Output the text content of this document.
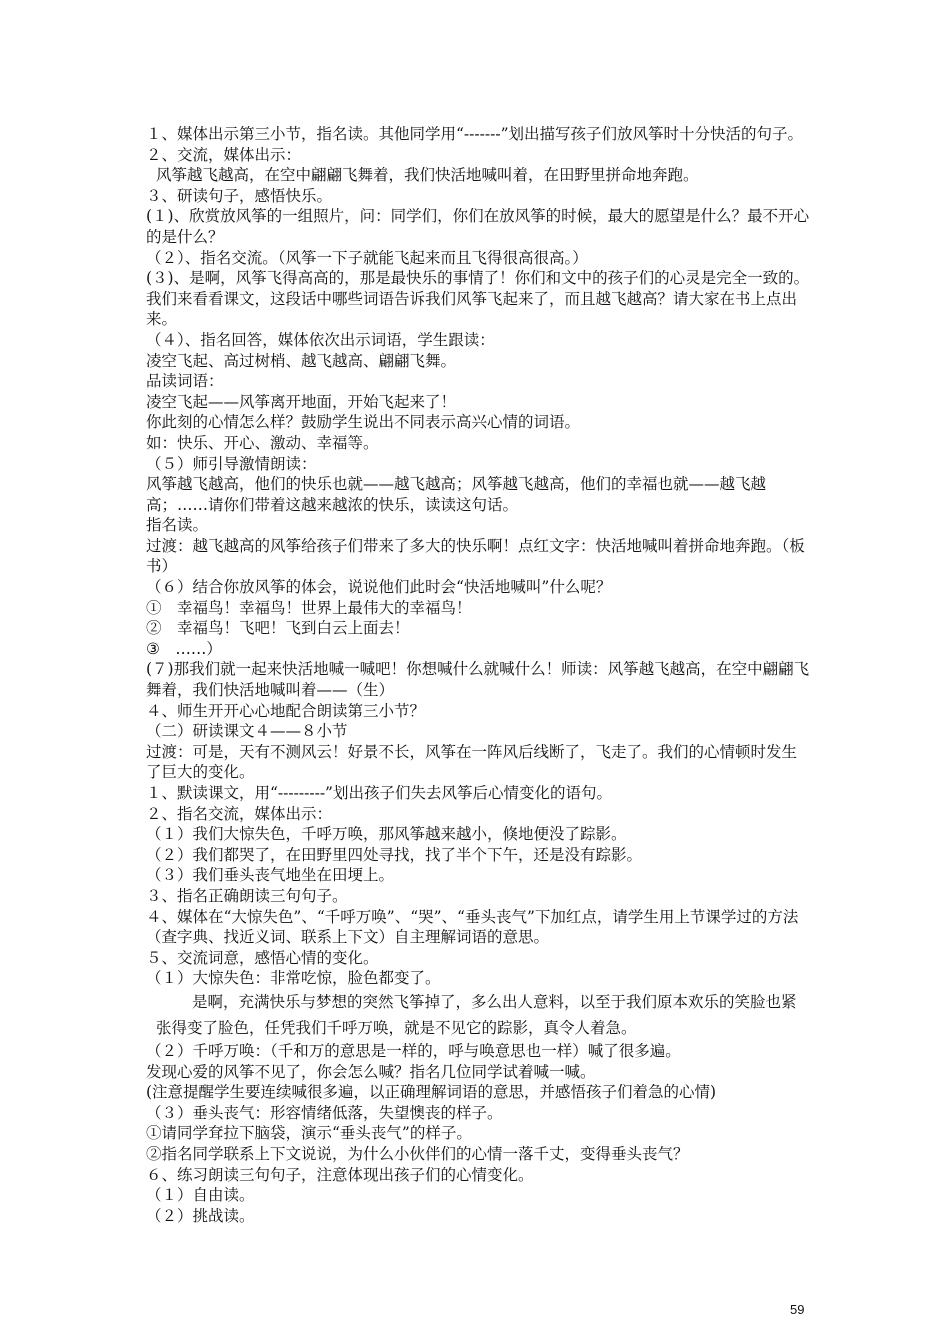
１、媒体出示第三小节，指名读。其他同学用“-------”划出描写孩子们放风筝时十分快活的句子。

２、交流，媒体出示：

风筝越飞越高，在空中翩翩飞舞着，我们快活地喊叫着，在田野里拼命地奔跑。

３、研读句子，感悟快乐。

(１)、欣赏放风筝的一组照片，问：同学们，你们在放风筝的时候，最大的愿望是什么？最不开心的是什么？

（２）、指名交流。（风筝一下子就能飞起来而且飞得很高很高。）

(３)、是啊，风筝飞得高高的，那是最快乐的事情了！你们和文中的孩子们的心灵是完全一致的。我们来看看课文，这段话中哪些词语告诉我们风筝飞起来了，而且越飞越高？请大家在书上点出来。

（４）、指名回答，媒体依次出示词语，学生跟读：

凌空飞起、高过树梢、越飞越高、翩翩飞舞。

品读词语：

凌空飞起——风筝离开地面，开始飞起来了！

你此刻的心情怎么样？鼓励学生说出不同表示高兴心情的词语。

如：快乐、开心、激动、幸福等。

（５）师引导激情朗读：

风筝越飞越高，他们的快乐也就——越飞越高；风筝越飞越高，他们的幸福也就——越飞越高；……请你们带着这越来越浓的快乐，读读这句话。

指名读。

过渡：越飞越高的风筝给孩子们带来了多大的快乐啊！点红文字：快活地喊叫着拼命地奔跑。（板书）

（６）结合你放风筝的体会，说说他们此时会“快活地喊叫”什么呢？

①　幸福鸟！幸福鸟！世界上最伟大的幸福鸟！

②　幸福鸟！飞吧！飞到白云上面去！

③　……）

(７)那我们就一起来快活地喊一喊吧！你想喊什么就喊什么！师读：风筝越飞越高，在空中翩翩飞舞着，我们快活地喊叫着——（生）

４、师生开开心心地配合朗读第三小节？

（二）研读课文４——８小节

过渡：可是，天有不测风云！好景不长，风筝在一阵风后线断了，飞走了。我们的心情顿时发生了巨大的变化。

１、默读课文，用“---------”划出孩子们失去风筝后心情变化的语句。

２、指名交流，媒体出示：

（１）我们大惊失色，千呼万唤，那风筝越来越小，倏地便没了踪影。

（２）我们都哭了，在田野里四处寻找，找了半个下午，还是没有踪影。

（３）我们垂头丧气地坐在田埂上。

３、指名正确朗读三句句子。

４、媒体在“大惊失色”、“千呼万唤”、“哭”、“垂头丧气”下加红点，请学生用上节课学过的方法（查字典、找近义词、联系上下文）自主理解词语的意思。

５、交流词意，感悟心情的变化。

（１）大惊失色：非常吃惊，脸色都变了。

是啊，充满快乐与梦想的突然飞筝掉了，多么出人意料，以至于我们原本欢乐的笑脸也紧张得变了脸色，任凭我们千呼万唤，就是不见它的踪影，真令人着急。

（２）千呼万唤：（千和万的意思是一样的，呼与唤意思也一样）喊了很多遍。

发现心爱的风筝不见了，你会怎么喊？指名几位同学试着喊一喊。

(注意提醒学生要连续喊很多遍，以正确理解词语的意思，并感悟孩子们着急的心情)

（３）垂头丧气：形容情绪低落，失望懊丧的样子。

①请同学耷拉下脑袋，演示“垂头丧气”的样子。

②指名同学联系上下文说说，为什么小伙伴们的心情一落千丈，变得垂头丧气？

６、练习朗读三句句子，注意体现出孩子们的心情变化。

（１）自由读。

（２）挑战读。

59
